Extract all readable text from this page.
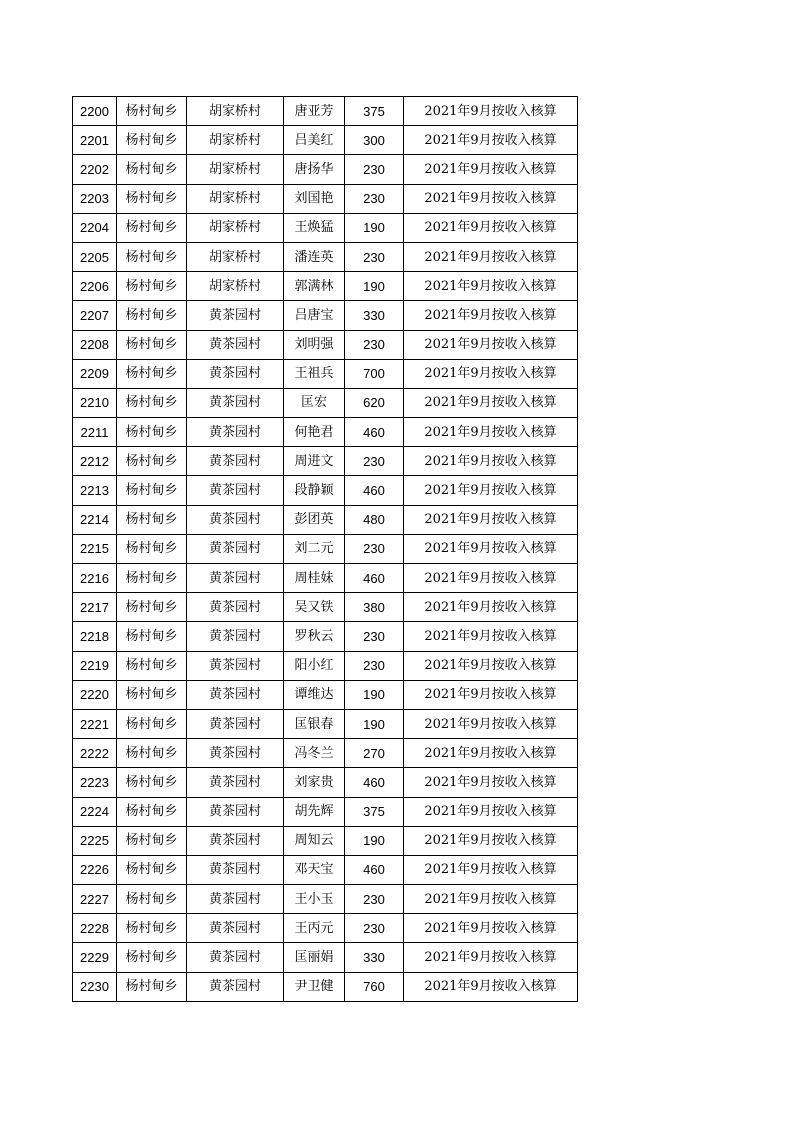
2200	杨村甸乡	胡家桥村	唐亚芳	375	2021年9月按收入核算
2201	杨村甸乡	胡家桥村	吕美红	300	2021年9月按收入核算
2202	杨村甸乡	胡家桥村	唐扬华	230	2021年9月按收入核算
2203	杨村甸乡	胡家桥村	刘国艳	230	2021年9月按收入核算
2204	杨村甸乡	胡家桥村	王焕猛	190	2021年9月按收入核算
2205	杨村甸乡	胡家桥村	潘连英	230	2021年9月按收入核算
2206	杨村甸乡	胡家桥村	郭满林	190	2021年9月按收入核算
2207	杨村甸乡	黄茶园村	吕唐宝	330	2021年9月按收入核算
2208	杨村甸乡	黄茶园村	刘明强	230	2021年9月按收入核算
2209	杨村甸乡	黄茶园村	王祖兵	700	2021年9月按收入核算
2210	杨村甸乡	黄茶园村	匡宏	620	2021年9月按收入核算
2211	杨村甸乡	黄茶园村	何艳君	460	2021年9月按收入核算
2212	杨村甸乡	黄茶园村	周进文	230	2021年9月按收入核算
2213	杨村甸乡	黄茶园村	段静颖	460	2021年9月按收入核算
2214	杨村甸乡	黄茶园村	彭团英	480	2021年9月按收入核算
2215	杨村甸乡	黄茶园村	刘二元	230	2021年9月按收入核算
2216	杨村甸乡	黄茶园村	周桂妹	460	2021年9月按收入核算
2217	杨村甸乡	黄茶园村	吴又铁	380	2021年9月按收入核算
2218	杨村甸乡	黄茶园村	罗秋云	230	2021年9月按收入核算
2219	杨村甸乡	黄茶园村	阳小红	230	2021年9月按收入核算
2220	杨村甸乡	黄茶园村	谭维达	190	2021年9月按收入核算
2221	杨村甸乡	黄茶园村	匡银春	190	2021年9月按收入核算
2222	杨村甸乡	黄茶园村	冯冬兰	270	2021年9月按收入核算
2223	杨村甸乡	黄茶园村	刘家贵	460	2021年9月按收入核算
2224	杨村甸乡	黄茶园村	胡先辉	375	2021年9月按收入核算
2225	杨村甸乡	黄茶园村	周知云	190	2021年9月按收入核算
2226	杨村甸乡	黄茶园村	邓天宝	460	2021年9月按收入核算
2227	杨村甸乡	黄茶园村	王小玉	230	2021年9月按收入核算
2228	杨村甸乡	黄茶园村	王丙元	230	2021年9月按收入核算
2229	杨村甸乡	黄茶园村	匡丽娟	330	2021年9月按收入核算
2230	杨村甸乡	黄茶园村	尹卫健	760	2021年9月按收入核算
